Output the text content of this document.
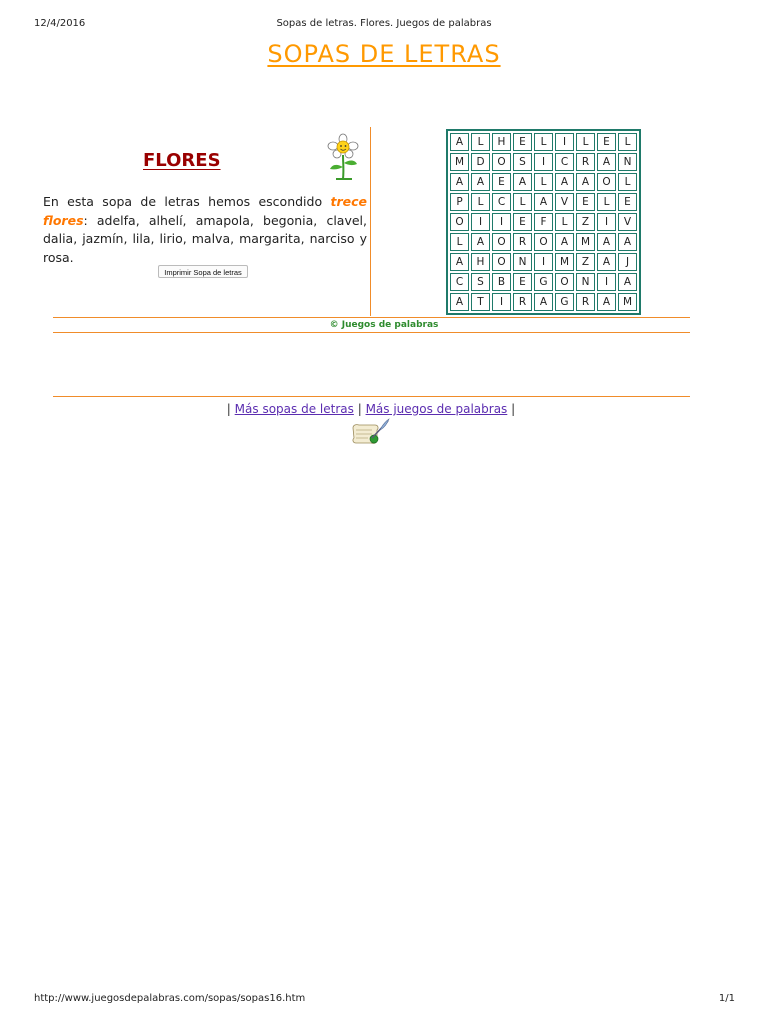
12/4/2016	Sopas de letras. Flores. Juegos de palabras
SOPAS DE LETRAS
FLORES
En esta sopa de letras hemos escondido trece flores: adelfa, alhelí, amapola, begonia, clavel, dalia, jazmín, lila, lirio, malva, margarita, narciso y rosa.
Imprimir Sopa de letras
A	L	H	E	L	I	L	E	L
M	D	O	S	I	C	R	A	N
A	A	E	A	L	A	A	O	L
P	L	C	L	A	V	E	L	E
O	I	I	E	F	L	Z	I	V
L	A	O	R	O	A	M	A	A
A	H	O	N	I	M	Z	A	J
C	S	B	E	G	O	N	I	A
A	T	I	R	A	G	R	A	M
© Juegos de palabras
| Más sopas de letras | Más juegos de palabras |
http://www.juegosdepalabras.com/sopas/sopas16.htm	1/1
